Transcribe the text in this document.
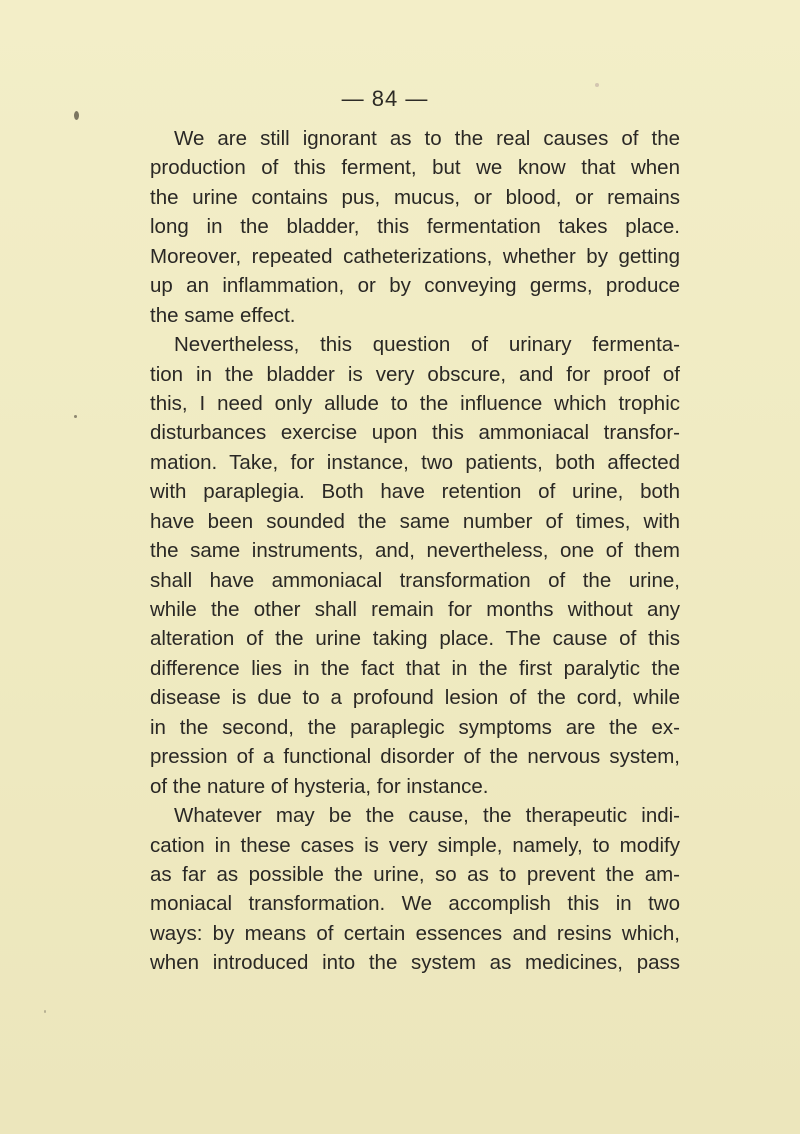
— 84 —
We are still ignorant as to the real causes of the
production of this ferment, but we know that when
the urine contains pus, mucus, or blood, or remains
long in the bladder, this fermentation takes place.
Moreover, repeated catheterizations, whether by getting
up an inflammation, or by conveying germs, produce
the same effect.
Nevertheless, this question of urinary fermenta-
tion in the bladder is very obscure, and for proof of
this, I need only allude to the influence which trophic
disturbances exercise upon this ammoniacal transfor-
mation. Take, for instance, two patients, both affected
with paraplegia. Both have retention of urine, both
have been sounded the same number of times, with
the same instruments, and, nevertheless, one of them
shall have ammoniacal transformation of the urine,
while the other shall remain for months without any
alteration of the urine taking place. The cause of this
difference lies in the fact that in the first paralytic the
disease is due to a profound lesion of the cord, while
in the second, the paraplegic symptoms are the ex-
pression of a functional disorder of the nervous system,
of the nature of hysteria, for instance.
Whatever may be the cause, the therapeutic indi-
cation in these cases is very simple, namely, to modify
as far as possible the urine, so as to prevent the am-
moniacal transformation. We accomplish this in two
ways: by means of certain essences and resins which,
when introduced into the system as medicines, pass
